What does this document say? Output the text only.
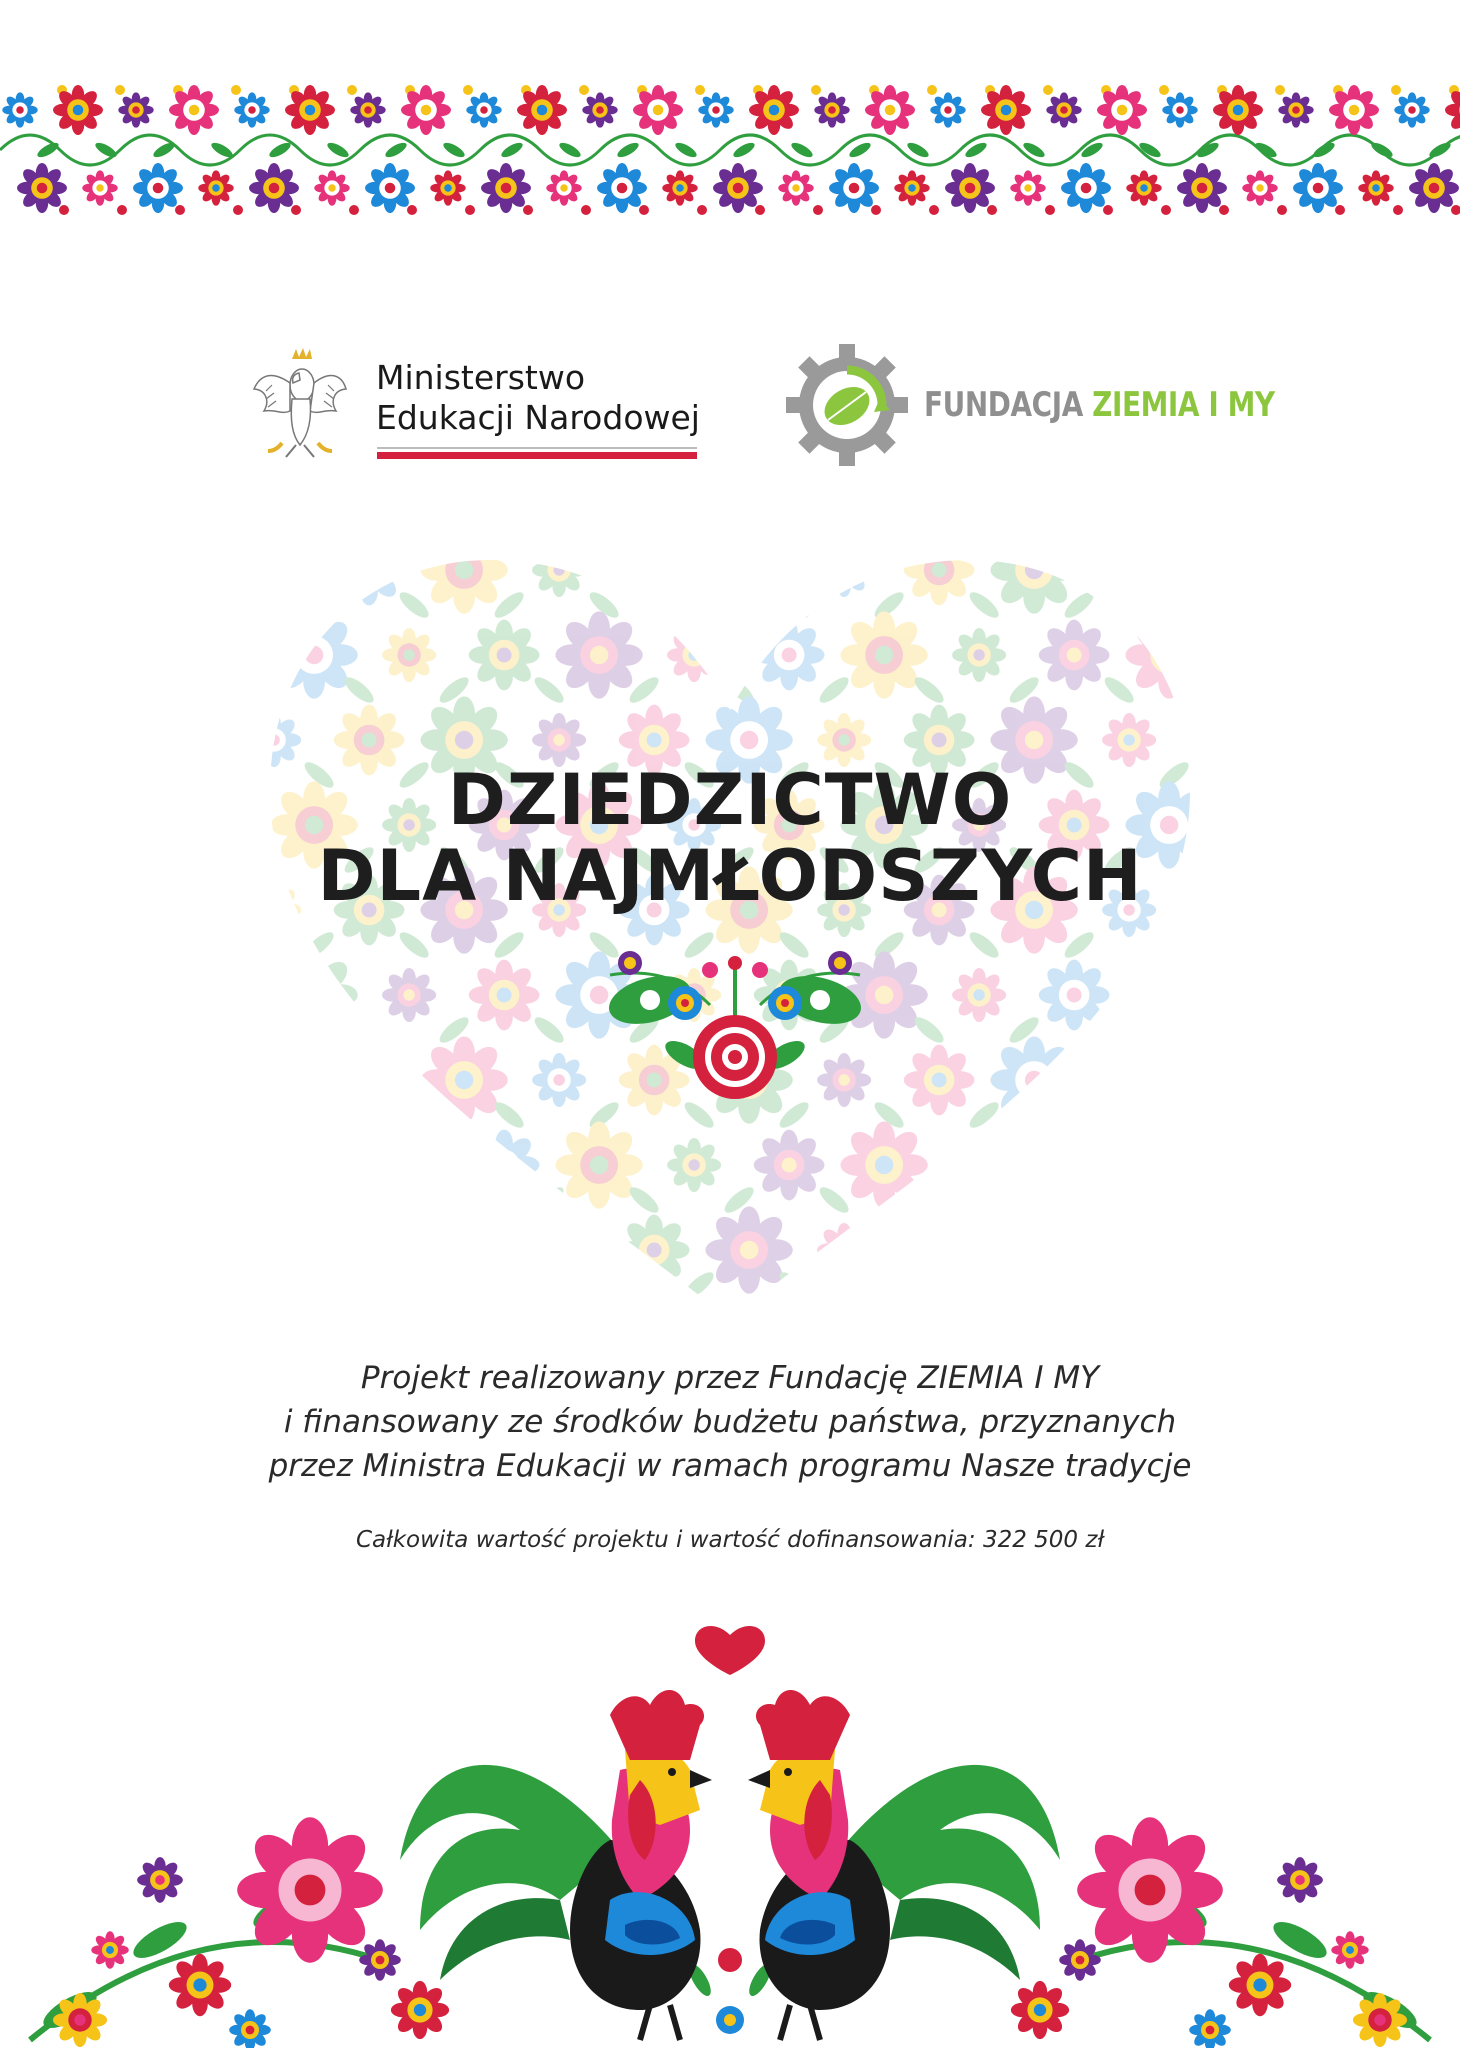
Ministerstwo
Edukacji Narodowej	FUNDACJA ZIEMIA I MY
DZIEDZICTWO
DLA NAJMŁODSZYCH
Projekt realizowany przez Fundację ZIEMIA I MY
i finansowany ze środków budżetu państwa, przyznanych
przez Ministra Edukacji w ramach programu Nasze tradycje
Całkowita wartość projektu i wartość dofinansowania: 322 500 zł
